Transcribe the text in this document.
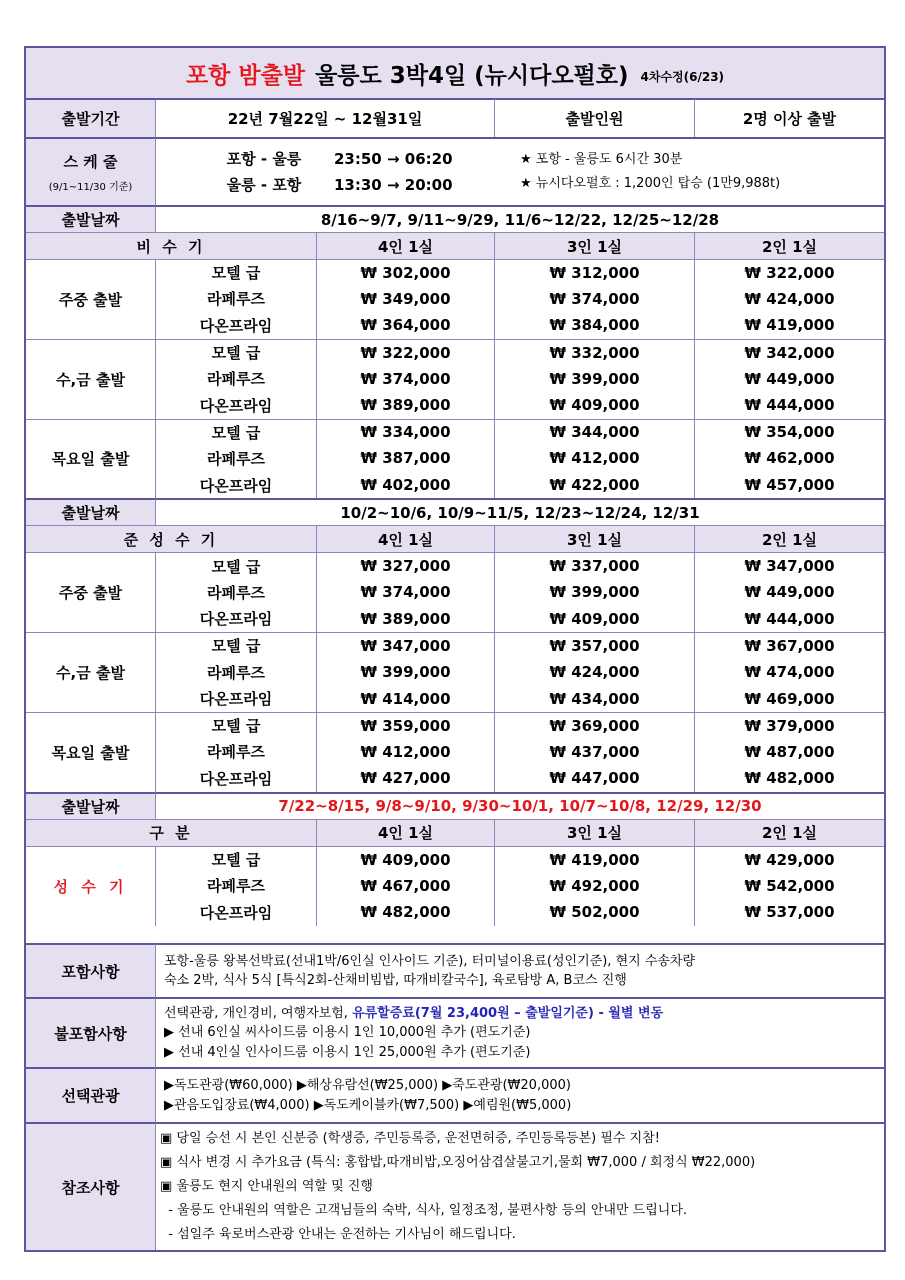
포항 밤출발 울릉도 3박4일 (뉴시다오펄호) 4차수정(6/23)
출발기간	22년 7월22일 ~ 12월31일	출발인원	2명 이상 출발
스 케 줄
(9/1~11/30 기준)
포항 - 울릉 23:50 → 06:20
울릉 - 포항 13:30 → 20:00
★ 포항 - 울릉도 6시간 30분
★ 뉴시다오펄호 : 1,200인 탑승 (1만9,988t)
출발날짜	8/16~9/7, 9/11~9/29, 11/6~12/22, 12/25~12/28
비 수 기	4인 1실	3인 1실	2인 1실
주중 출발
모텔 급	₩ 302,000	₩ 312,000	₩ 322,000
라페루즈	₩ 349,000	₩ 374,000	₩ 424,000
다온프라임	₩ 364,000	₩ 384,000	₩ 419,000
수,금 출발
모텔 급	₩ 322,000	₩ 332,000	₩ 342,000
라페루즈	₩ 374,000	₩ 399,000	₩ 449,000
다온프라임	₩ 389,000	₩ 409,000	₩ 444,000
목요일 출발
모텔 급	₩ 334,000	₩ 344,000	₩ 354,000
라페루즈	₩ 387,000	₩ 412,000	₩ 462,000
다온프라임	₩ 402,000	₩ 422,000	₩ 457,000
출발날짜	10/2~10/6, 10/9~11/5, 12/23~12/24, 12/31
준 성 수 기	4인 1실	3인 1실	2인 1실
주중 출발
모텔 급	₩ 327,000	₩ 337,000	₩ 347,000
라페루즈	₩ 374,000	₩ 399,000	₩ 449,000
다온프라임	₩ 389,000	₩ 409,000	₩ 444,000
수,금 출발
모텔 급	₩ 347,000	₩ 357,000	₩ 367,000
라페루즈	₩ 399,000	₩ 424,000	₩ 474,000
다온프라임	₩ 414,000	₩ 434,000	₩ 469,000
목요일 출발
모텔 급	₩ 359,000	₩ 369,000	₩ 379,000
라페루즈	₩ 412,000	₩ 437,000	₩ 487,000
다온프라임	₩ 427,000	₩ 447,000	₩ 482,000
출발날짜	7/22~8/15, 9/8~9/10, 9/30~10/1, 10/7~10/8, 12/29, 12/30
구 분	4인 1실	3인 1실	2인 1실
성 수 기
모텔 급	₩ 409,000	₩ 419,000	₩ 429,000
라페루즈	₩ 467,000	₩ 492,000	₩ 542,000
다온프라임	₩ 482,000	₩ 502,000	₩ 537,000
포함사항
포항-울릉 왕복선박료(선내1박/6인실 인사이드 기준), 터미널이용료(성인기준), 현지 수송차량
숙소 2박, 식사 5식 [특식2회-산채비빔밥, 따개비칼국수], 육로탐방 A, B코스 진행
불포함사항
선택관광, 개인경비, 여행자보험, 유류할증료(7월 23,400원 – 출발일기준) - 월별 변동
▶ 선내 6인실 씨사이드룸 이용시 1인 10,000원 추가 (편도기준)
▶ 선내 4인실 인사이드룸 이용시 1인 25,000원 추가 (편도기준)
선택관광
▶독도관광(₩60,000) ▶해상유람선(₩25,000) ▶죽도관광(₩20,000)
▶관음도입장료(₩4,000) ▶독도케이블카(₩7,500) ▶예림원(₩5,000)
참조사항
▣ 당일 승선 시 본인 신분증 (학생증, 주민등록증, 운전면허증, 주민등록등본) 필수 지참!
▣ 식사 변경 시 추가요금 (특식: 홍합밥,따개비밥,오징어삼겹살불고기,물회 ₩7,000 / 회정식 ₩22,000)
▣ 울릉도 현지 안내원의 역할 및 진행
- 울릉도 안내원의 역할은 고객님들의 숙박, 식사, 일정조정, 불편사항 등의 안내만 드립니다.
- 섬일주 육로버스관광 안내는 운전하는 기사님이 해드립니다.
